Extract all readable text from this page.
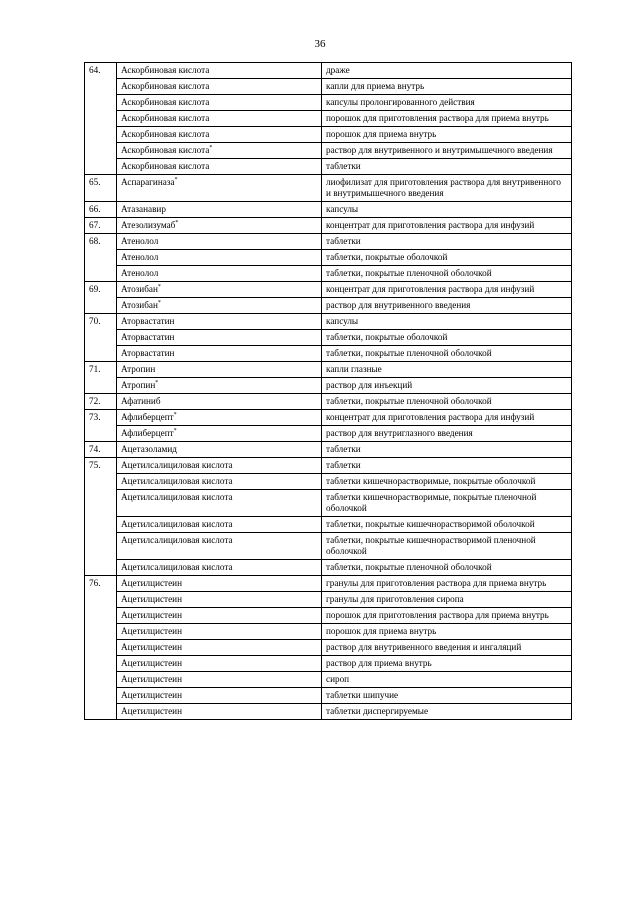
36
64.	Аскорбиновая кислота	драже
	Аскорбиновая кислота	капли для приема внутрь
	Аскорбиновая кислота	капсулы пролонгированного действия
	Аскорбиновая кислота	порошок для приготовления раствора для приема внутрь
	Аскорбиновая кислота	порошок для приема внутрь
	Аскорбиновая кислота*	раствор для внутривенного и внутримышечного введения
	Аскорбиновая кислота	таблетки
65.	Аспарагиназа*	лиофилизат для приготовления раствора для внутривенного и внутримышечного введения
66.	Атазанавир	капсулы
67.	Атезолизумаб*	концентрат для приготовления раствора для инфузий
68.	Атенолол	таблетки
	Атенолол	таблетки, покрытые оболочкой
	Атенолол	таблетки, покрытые пленочной оболочкой
69.	Атозибан*	концентрат для приготовления раствора для инфузий
	Атозибан*	раствор для внутривенного введения
70.	Аторвастатин	капсулы
	Аторвастатин	таблетки, покрытые оболочкой
	Аторвастатин	таблетки, покрытые пленочной оболочкой
71.	Атропин	капли глазные
	Атропин*	раствор для инъекций
72.	Афатиниб	таблетки, покрытые пленочной оболочкой
73.	Афлиберцепт*	концентрат для приготовления раствора для инфузий
	Афлиберцепт*	раствор для внутриглазного введения
74.	Ацетазоламид	таблетки
75.	Ацетилсалициловая кислота	таблетки
	Ацетилсалициловая кислота	таблетки кишечнорастворимые, покрытые оболочкой
	Ацетилсалициловая кислота	таблетки кишечнорастворимые, покрытые пленочной оболочкой
	Ацетилсалициловая кислота	таблетки, покрытые кишечнорастворимой оболочкой
	Ацетилсалициловая кислота	таблетки, покрытые кишечнорастворимой пленочной оболочкой
	Ацетилсалициловая кислота	таблетки, покрытые пленочной оболочкой
76.	Ацетилцистеин	гранулы для приготовления раствора для приема внутрь
	Ацетилцистеин	гранулы для приготовления сиропа
	Ацетилцистеин	порошок для приготовления раствора для приема внутрь
	Ацетилцистеин	порошок для приема внутрь
	Ацетилцистеин	раствор для внутривенного введения и ингаляций
	Ацетилцистеин	раствор для приема внутрь
	Ацетилцистеин	сироп
	Ацетилцистеин	таблетки шипучие
	Ацетилцистеин	таблетки диспергируемые
